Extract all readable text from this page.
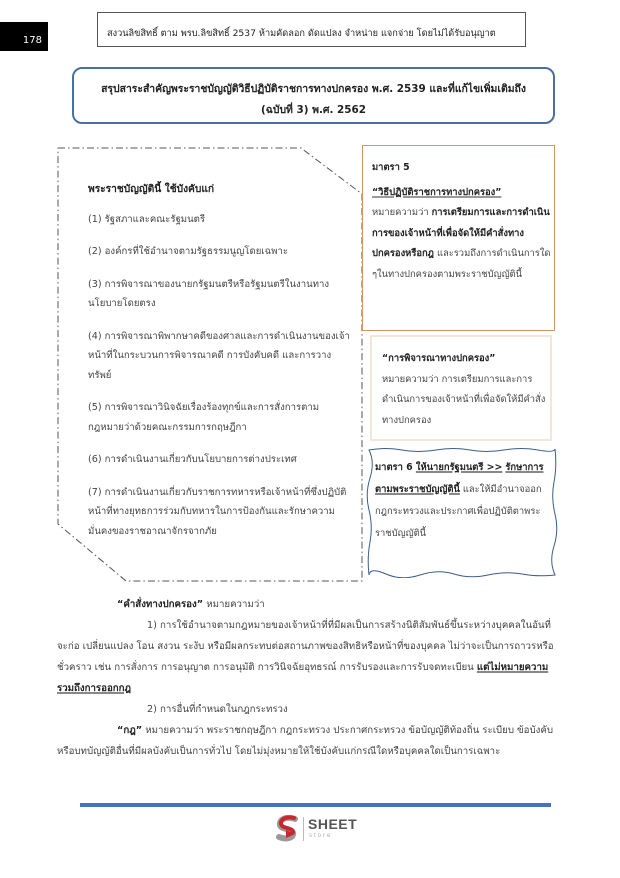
178
สงวนลิขสิทธิ์ ตาม พรบ.ลิขสิทธิ์ 2537 ห้ามคัดลอก ดัดแปลง จำหน่าย แจกจ่าย โดยไม่ได้รับอนุญาต
สรุปสาระสำคัญพระราชบัญญัติวิธีปฏิบัติราชการทางปกครอง พ.ศ. 2539 และที่แก้ไขเพิ่มเติมถึง
(ฉบับที่ 3) พ.ศ. 2562
พระราชบัญญัตินี้ ใช้บังคับแก่
(1) รัฐสภาและคณะรัฐมนตรี
(2) องค์กรที่ใช้อำนาจตามรัฐธรรมนูญโดยเฉพาะ
(3) การพิจารณาของนายกรัฐมนตรีหรือรัฐมนตรีในงานทางนโยบายโดยตรง
(4) การพิจารณาพิพากษาคดีของศาลและการดำเนินงานของเจ้าหน้าที่ในกระบวนการพิจารณาคดี การบังคับคดี และการวางทรัพย์
(5) การพิจารณาวินิจฉัยเรื่องร้องทุกข์และการสั่งการตามกฎหมายว่าด้วยคณะกรรมการกฤษฎีกา
(6) การดำเนินงานเกี่ยวกับนโยบายการต่างประเทศ
(7) การดำเนินงานเกี่ยวกับราชการทหารหรือเจ้าหน้าที่ซึ่งปฏิบัติหน้าที่ทางยุทธการร่วมกับทหารในการป้องกันและรักษาความมั่นคงของราชอาณาจักรจากภัย
มาตรา 5
“วิธีปฏิบัติราชการทางปกครอง”
หมายความว่า การเตรียมการและการดำเนินการของเจ้าหน้าที่เพื่อจัดให้มีคำสั่งทางปกครองหรือกฎ และรวมถึงการดำเนินการใด ๆในทางปกครองตามพระราชบัญญัตินี้
“การพิจารณาทางปกครอง”
หมายความว่า การเตรียมการและการดำเนินการของเจ้าหน้าที่เพื่อจัดให้มีคำสั่งทางปกครอง
มาตรา 6 ให้นายกรัฐมนตรี >> รักษาการตามพระราชบัญญัตินี้ และให้มีอำนาจออกกฎกระทรวงและประกาศเพื่อปฏิบัติตาพระราชบัญญัตินี้

“คำสั่งทางปกครอง” หมายความว่า

1) การใช้อำนาจตามกฎหมายของเจ้าหน้าที่ที่มีผลเป็นการสร้างนิติสัมพันธ์ขึ้นระหว่างบุคคลในอันที่จะก่อ เปลี่ยนแปลง โอน สงวน ระงับ หรือมีผลกระทบต่อสถานภาพของสิทธิหรือหน้าที่ของบุคคล ไม่ว่าจะเป็นการถาวรหรือชั่วคราว เช่น การสั่งการ การอนุญาต การอนุมัติ การวินิจฉัยอุทธรณ์ การรับรองและการรับจดทะเบียน แต่ไม่หมายความรวมถึงการออกกฎ

2) การอื่นที่กำหนดในกฎกระทรวง

“กฎ” หมายความว่า พระราชกฤษฎีกา กฎกระทรวง ประกาศกระทรวง ข้อบัญญัติท้องถิ่น ระเบียบ ข้อบังคับ หรือบทบัญญัติอื่นที่มีผลบังคับเป็นการทั่วไป โดยไม่มุ่งหมายให้ใช้บังคับแก่กรณีใดหรือบุคคลใดเป็นการเฉพาะ

SHEET
store
